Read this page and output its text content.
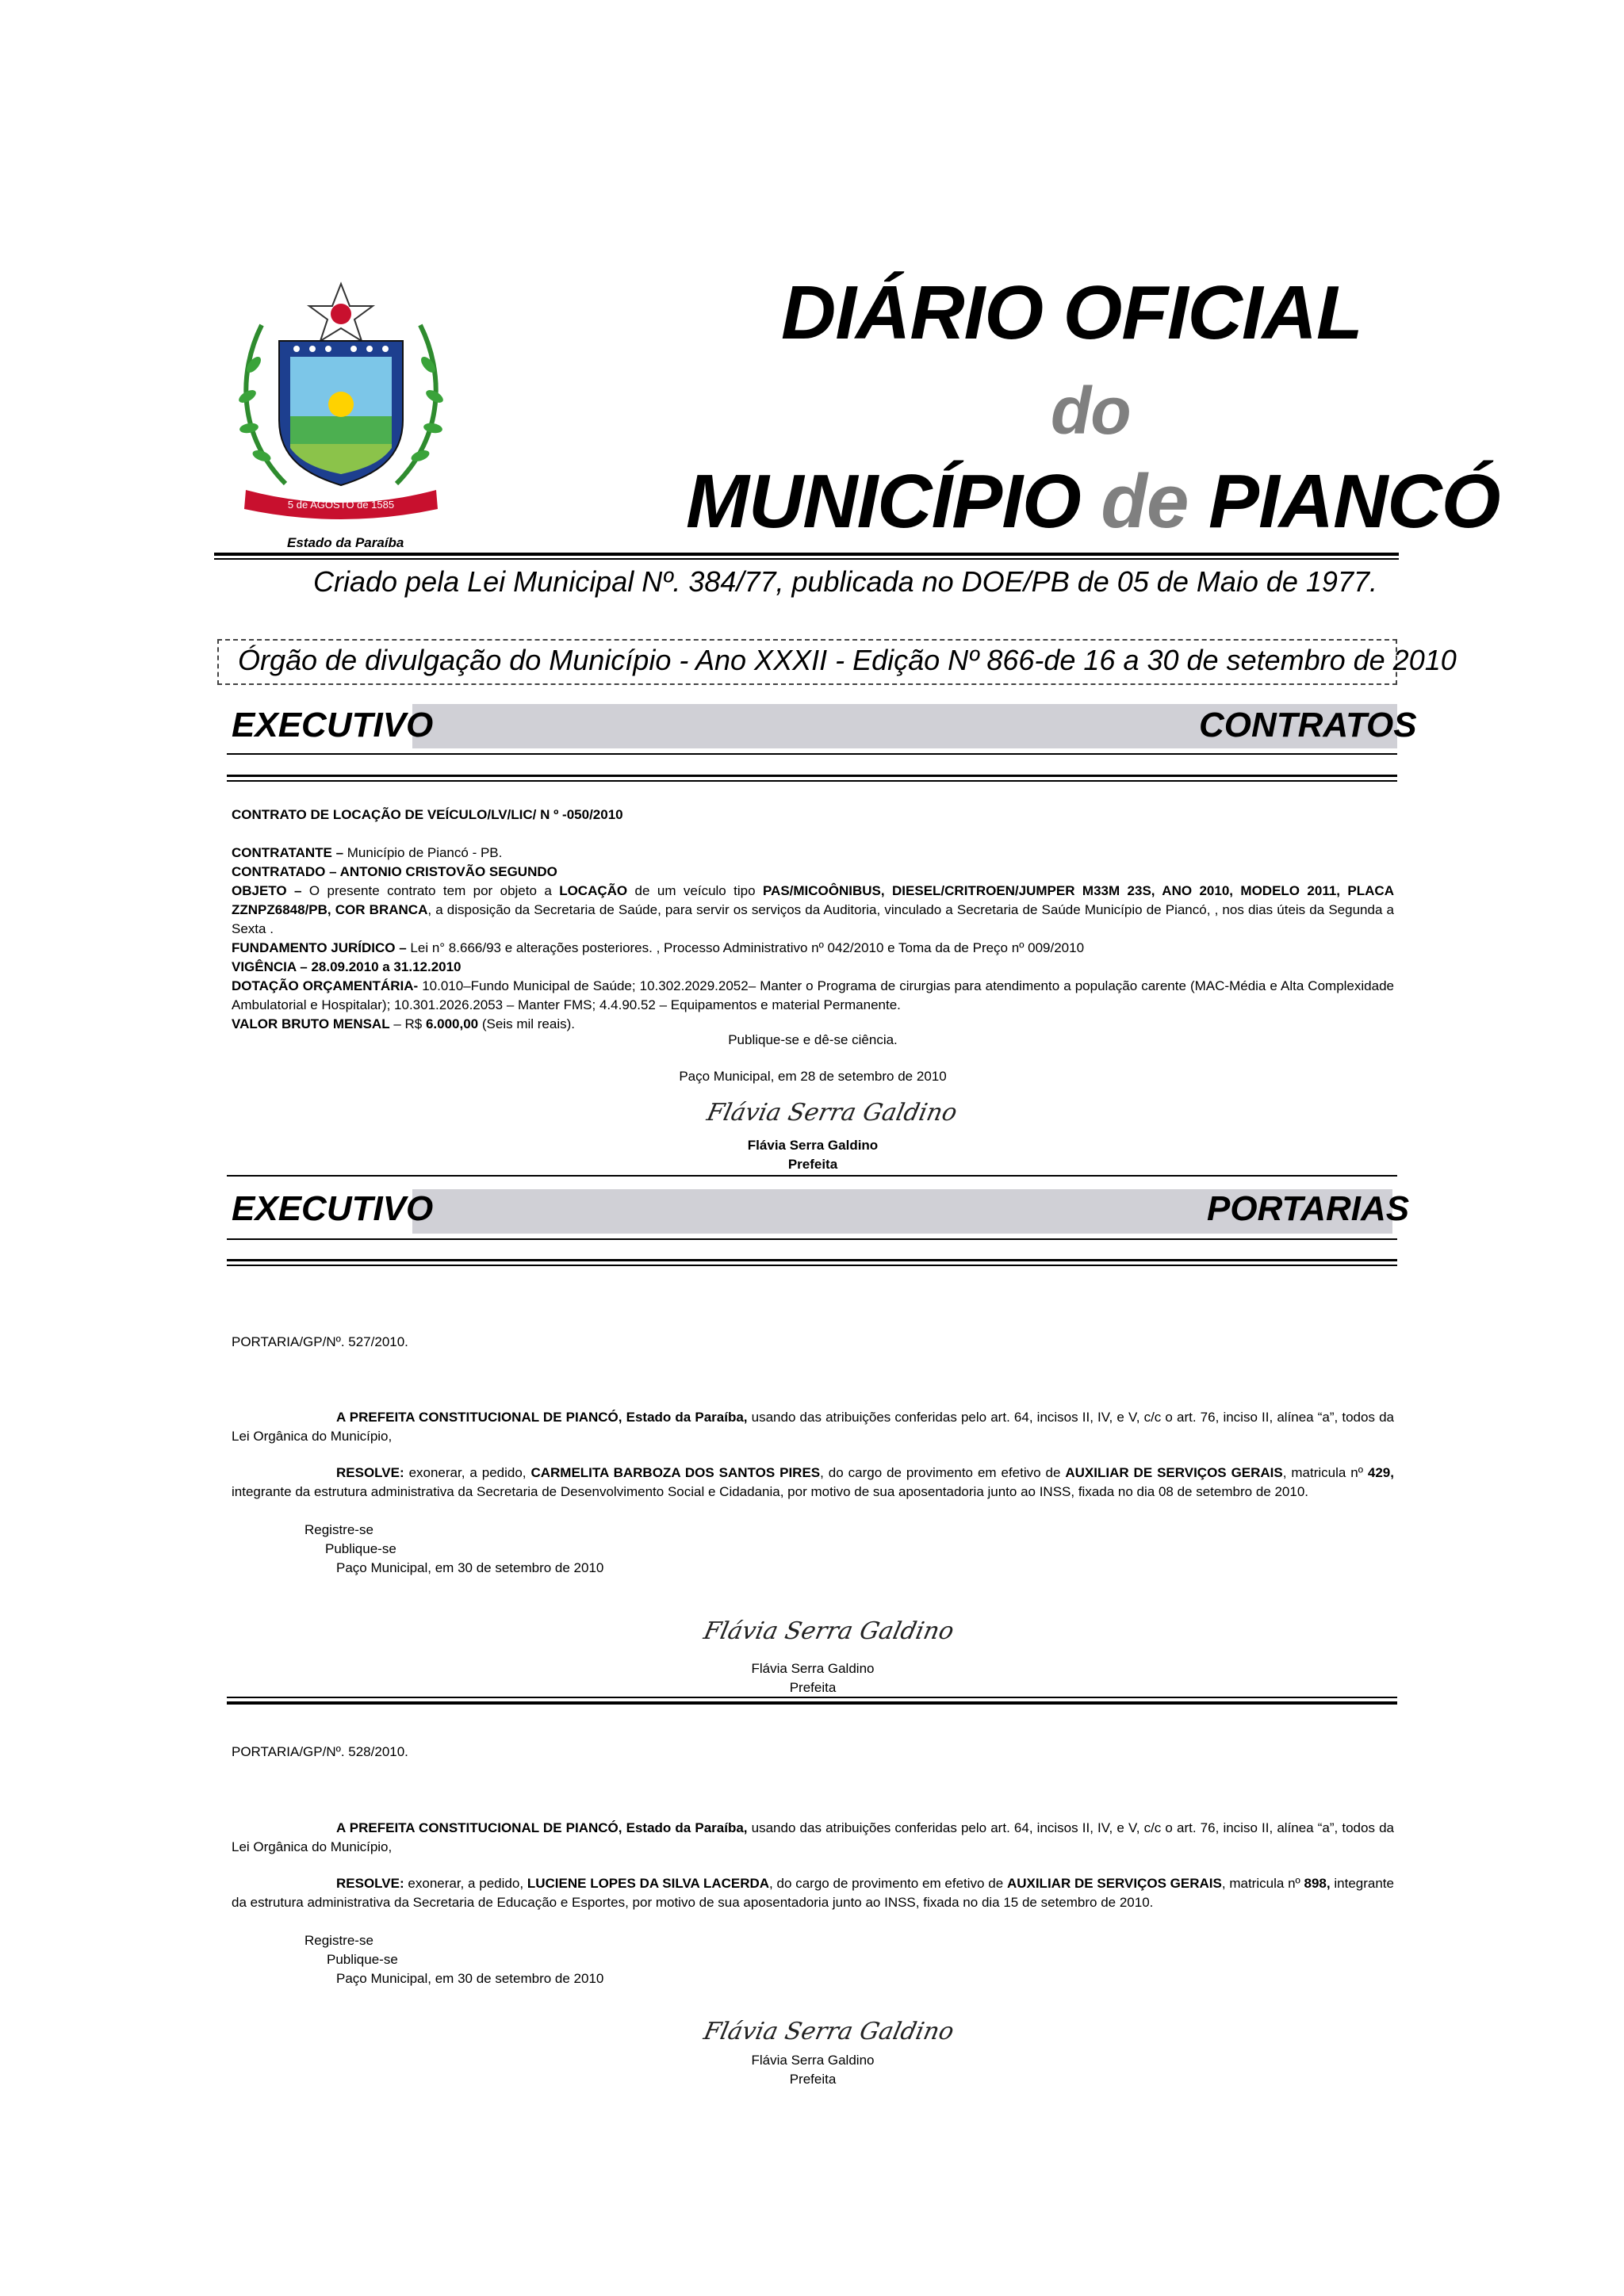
5 de AGOSTO de 1585
Estado da Paraíba
DIÁRIO OFICIAL
do
MUNICÍPIO de PIANCÓ
Criado pela Lei Municipal Nº. 384/77, publicada no DOE/PB de 05 de Maio de 1977.
Órgão de divulgação do Município - Ano XXXII - Edição Nº 866-de 16 a 30 de setembro de 2010
EXECUTIVO	CONTRATOS
CONTRATO DE LOCAÇÃO DE VEÍCULO/LV/LIC/ N º -050/2010
CONTRATANTE – Município de Piancó - PB.
CONTRATADO – ANTONIO CRISTOVÃO SEGUNDO
OBJETO – O presente contrato tem por objeto a LOCAÇÃO de um veículo tipo PAS/MICOÔNIBUS, DIESEL/CRITROEN/JUMPER M33M 23S, ANO 2010, MODELO 2011, PLACA ZZNPZ6848/PB, COR BRANCA, a disposição da Secretaria de Saúde, para servir os serviços da Auditoria, vinculado a Secretaria de Saúde Município de Piancó, , nos dias úteis da Segunda a Sexta .
FUNDAMENTO JURÍDICO – Lei n° 8.666/93 e alterações posteriores. , Processo Administrativo nº 042/2010 e Toma da de Preço nº 009/2010
VIGÊNCIA – 28.09.2010 a 31.12.2010
DOTAÇÃO ORÇAMENTÁRIA- 10.010–Fundo Municipal de Saúde; 10.302.2029.2052– Manter o Programa de cirurgias para atendimento a população carente (MAC-Média e Alta Complexidade Ambulatorial e Hospitalar); 10.301.2026.2053 – Manter FMS; 4.4.90.52 – Equipamentos e material Permanente.
VALOR BRUTO MENSAL – R$ 6.000,00 (Seis mil reais).
Publique-se e dê-se ciência.
Paço Municipal, em 28 de setembro de 2010
Flávia Serra Galdino
Flávia Serra Galdino
Prefeita
EXECUTIVO	PORTARIAS
PORTARIA/GP/Nº. 527/2010.
A PREFEITA CONSTITUCIONAL DE PIANCÓ, Estado da Paraíba, usando das atribuições conferidas pelo art. 64, incisos II, IV, e V, c/c o art. 76, inciso II, alínea “a”, todos da Lei Orgânica do Município,
RESOLVE: exonerar, a pedido, CARMELITA BARBOZA DOS SANTOS PIRES, do cargo de provimento em efetivo de AUXILIAR DE SERVIÇOS GERAIS, matricula nº 429, integrante da estrutura administrativa da Secretaria de Desenvolvimento Social e Cidadania, por motivo de sua aposentadoria junto ao INSS, fixada no dia 08 de setembro de 2010.
Registre-se
Publique-se
Paço Municipal, em 30 de setembro de 2010
Flávia Serra Galdino
Flávia Serra Galdino
Prefeita
PORTARIA/GP/Nº. 528/2010.
A PREFEITA CONSTITUCIONAL DE PIANCÓ, Estado da Paraíba, usando das atribuições conferidas pelo art. 64, incisos II, IV, e V, c/c o art. 76, inciso II, alínea “a”, todos da Lei Orgânica do Município,
RESOLVE: exonerar, a pedido, LUCIENE LOPES DA SILVA LACERDA, do cargo de provimento em efetivo de AUXILIAR DE SERVIÇOS GERAIS, matricula nº 898, integrante da estrutura administrativa da Secretaria de Educação e Esportes, por motivo de sua aposentadoria junto ao INSS, fixada no dia 15 de setembro de 2010.
Registre-se
Publique-se
Paço Municipal, em 30 de setembro de 2010
Flávia Serra Galdino
Flávia Serra Galdino
Prefeita
